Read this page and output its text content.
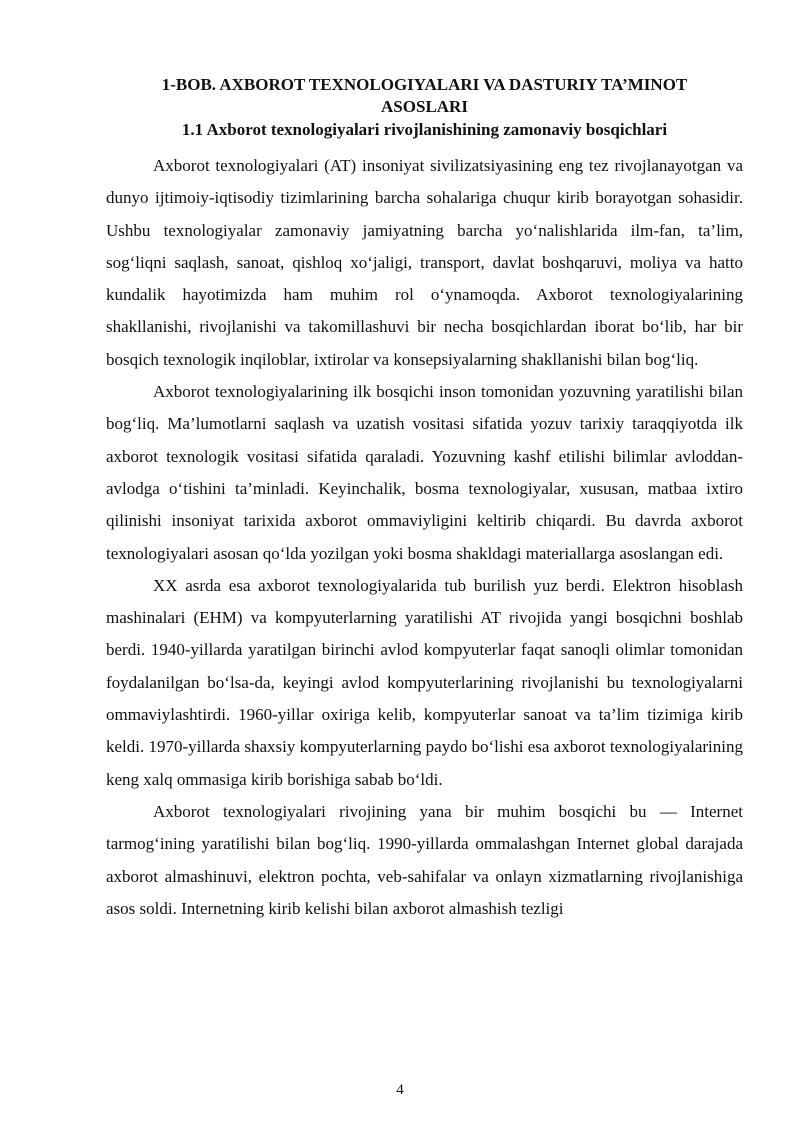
1-BOB. AXBOROT TEXNOLOGIYALARI VA DASTURIY TA’MINOT
ASOSLARI
1.1 Axborot texnologiyalari rivojlanishining zamonaviy bosqichlari

Axborot texnologiyalari (AT) insoniyat sivilizatsiyasining eng tez rivojlanayotgan va dunyo ijtimoiy-iqtisodiy tizimlarining barcha sohalariga chuqur kirib borayotgan sohasidir. Ushbu texnologiyalar zamonaviy jamiyatning barcha yo‘nalishlarida ilm-fan, ta’lim, sog‘liqni saqlash, sanoat, qishloq xo‘jaligi, transport, davlat boshqaruvi, moliya va hatto kundalik hayotimizda ham muhim rol o‘ynamoqda. Axborot texnologiyalarining shakllanishi, rivojlanishi va takomillashuvi bir necha bosqichlardan iborat bo‘lib, har bir bosqich texnologik inqiloblar, ixtirolar va konsepsiyalarning shakllanishi bilan bog‘liq.

Axborot texnologiyalarining ilk bosqichi inson tomonidan yozuvning yaratilishi bilan bog‘liq. Ma’lumotlarni saqlash va uzatish vositasi sifatida yozuv tarixiy taraqqiyotda ilk axborot texnologik vositasi sifatida qaraladi. Yozuvning kashf etilishi bilimlar avloddan-avlodga o‘tishini ta’minladi. Keyinchalik, bosma texnologiyalar, xususan, matbaa ixtiro qilinishi insoniyat tarixida axborot ommaviyligini keltirib chiqardi. Bu davrda axborot texnologiyalari asosan qo‘lda yozilgan yoki bosma shakldagi materiallarga asoslangan edi.

XX asrda esa axborot texnologiyalarida tub burilish yuz berdi. Elektron hisoblash mashinalari (EHM) va kompyuterlarning yaratilishi AT rivojida yangi bosqichni boshlab berdi. 1940-yillarda yaratilgan birinchi avlod kompyuterlar faqat sanoqli olimlar tomonidan foydalanilgan bo‘lsa-da, keyingi avlod kompyuterlarining rivojlanishi bu texnologiyalarni ommaviylashtirdi. 1960-yillar oxiriga kelib, kompyuterlar sanoat va ta’lim tizimiga kirib keldi. 1970-yillarda shaxsiy kompyuterlarning paydo bo‘lishi esa axborot texnologiyalarining keng xalq ommasiga kirib borishiga sabab bo‘ldi.

Axborot texnologiyalari rivojining yana bir muhim bosqichi bu — Internet tarmog‘ining yaratilishi bilan bog‘liq. 1990-yillarda ommalashgan Internet global darajada axborot almashinuvi, elektron pochta, veb-sahifalar va onlayn xizmatlarning rivojlanishiga asos soldi. Internetning kirib kelishi bilan axborot almashish tezligi

4
